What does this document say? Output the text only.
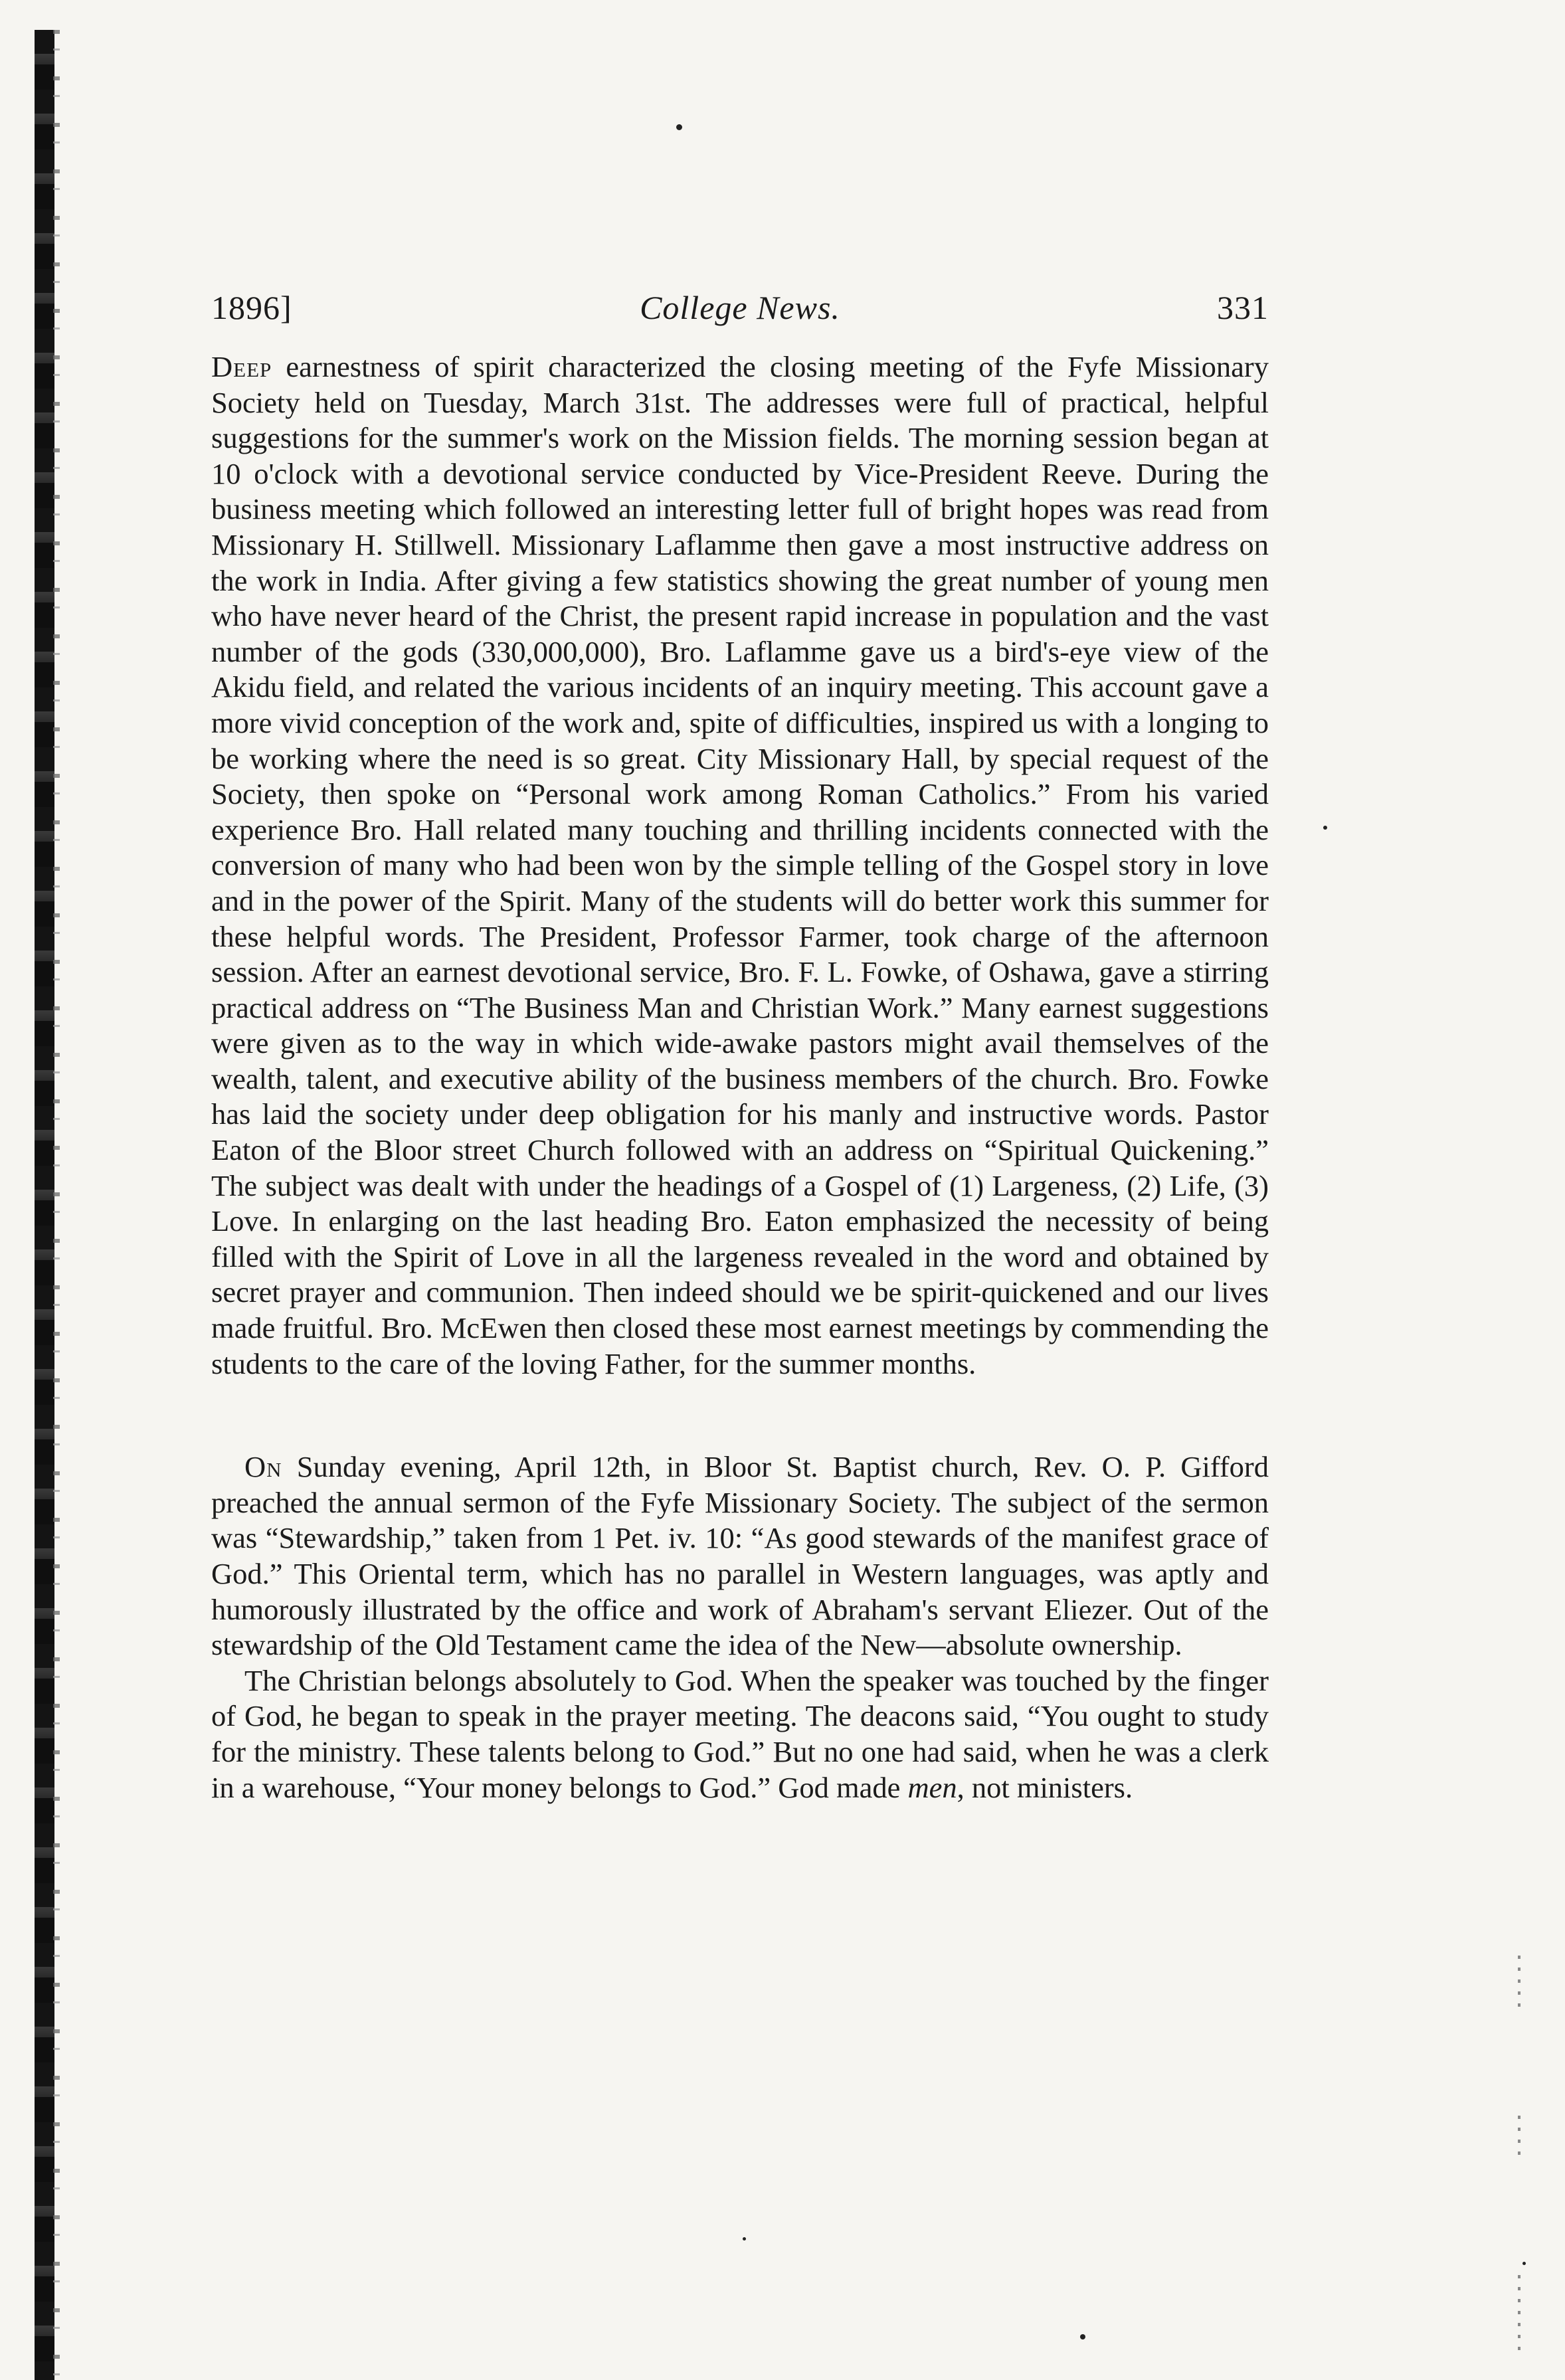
1896]	College News.	331

Deep earnestness of spirit characterized the closing meeting of the Fyfe Missionary Society held on Tuesday, March 31st. The addresses were full of practical, helpful suggestions for the summer's work on the Mission fields. The morning session began at 10 o'clock with a devotional service conducted by Vice-President Reeve. During the business meeting which followed an interesting letter full of bright hopes was read from Missionary H. Stillwell. Missionary Laflamme then gave a most instructive address on the work in India. After giving a few statistics showing the great number of young men who have never heard of the Christ, the present rapid increase in population and the vast number of the gods (330,000,000), Bro. Laflamme gave us a bird's-eye view of the Akidu field, and related the various incidents of an inquiry meeting. This account gave a more vivid conception of the work and, spite of difficulties, inspired us with a longing to be working where the need is so great. City Missionary Hall, by special request of the Society, then spoke on “Personal work among Roman Catholics.” From his varied experience Bro. Hall related many touching and thrilling incidents connected with the conversion of many who had been won by the simple telling of the Gospel story in love and in the power of the Spirit. Many of the students will do better work this summer for these helpful words. The President, Professor Farmer, took charge of the afternoon session. After an earnest devotional service, Bro. F. L. Fowke, of Oshawa, gave a stirring practical address on “The Business Man and Christian Work.” Many earnest suggestions were given as to the way in which wide-awake pastors might avail themselves of the wealth, talent, and executive ability of the business members of the church. Bro. Fowke has laid the society under deep obligation for his manly and instructive words. Pastor Eaton of the Bloor street Church followed with an address on “Spiritual Quickening.” The subject was dealt with under the headings of a Gospel of (1) Largeness, (2) Life, (3) Love. In enlarging on the last heading Bro. Eaton emphasized the necessity of being filled with the Spirit of Love in all the largeness revealed in the word and obtained by secret prayer and communion. Then indeed should we be spirit-quickened and our lives made fruitful. Bro. McEwen then closed these most earnest meetings by commending the students to the care of the loving Father, for the summer months.

On Sunday evening, April 12th, in Bloor St. Baptist church, Rev. O. P. Gifford preached the annual sermon of the Fyfe Missionary Society. The subject of the sermon was “Stewardship,” taken from 1 Pet. iv. 10: “As good stewards of the manifest grace of God.” This Oriental term, which has no parallel in Western languages, was aptly and humorously illustrated by the office and work of Abraham's servant Eliezer. Out of the stewardship of the Old Testament came the idea of the New—absolute ownership.

The Christian belongs absolutely to God. When the speaker was touched by the finger of God, he began to speak in the prayer meeting. The deacons said, “You ought to study for the ministry. These talents belong to God.” But no one had said, when he was a clerk in a warehouse, “Your money belongs to God.” God made men, not ministers.
